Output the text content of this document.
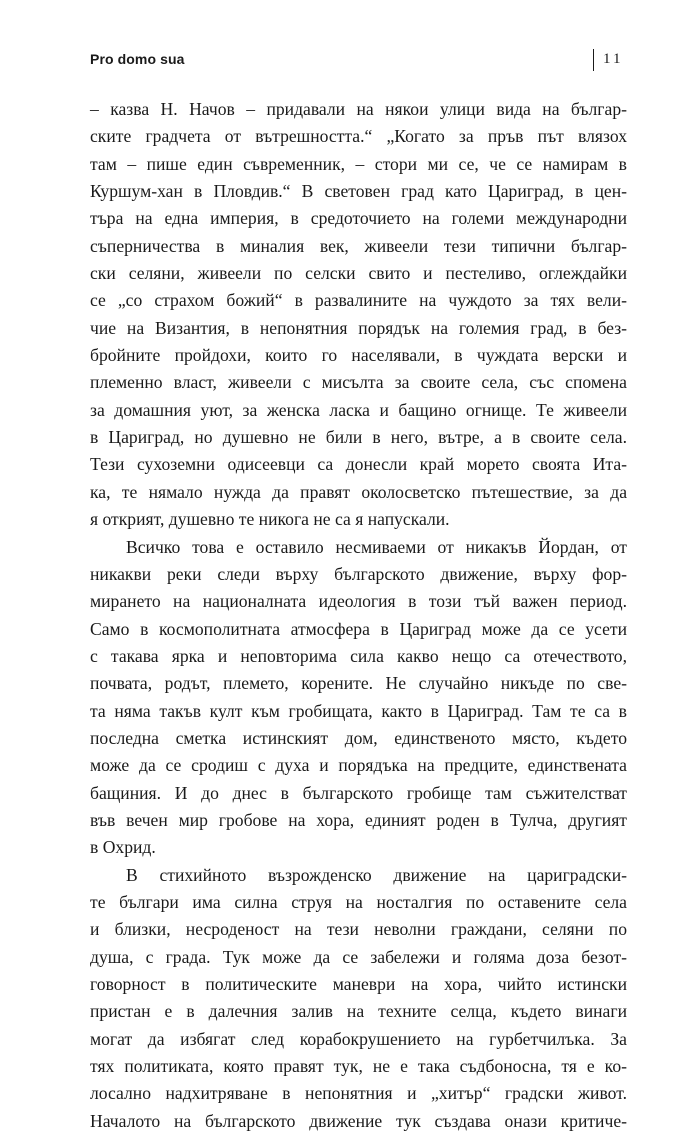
Pro domo sua	11
– казва Н. Начов – придавали на някои улици вида на българ-
ските градчета от вътрешността.“ „Когато за пръв път влязох
там – пише един съвременник, – стори ми се, че се намирам в
Куршум-хан в Пловдив.“ В световен град като Цариград, в цен-
търа на една империя, в средоточието на големи международни
съперничества в миналия век, живеели тези типични българ-
ски селяни, живеели по селски свито и пестеливо, оглеждайки
се „со страхом божий“ в развалините на чуждото за тях вели-
чие на Византия, в непонятния порядък на големия град, в без-
бройните пройдохи, които го населявали, в чуждата верски и
племенно власт, живеели с мисълта за своите села, със спомена
за домашния уют, за женска ласка и бащино огнище. Те живеели
в Цариград, но душевно не били в него, вътре, а в своите села.
Тези сухоземни одисеевци са донесли край морето своята Ита-
ка, те нямало нужда да правят околосветско пътешествие, за да
я открият, душевно те никога не са я напускали.
Всичко това е оставило несмиваеми от никакъв Йордан, от
никакви реки следи върху българското движение, върху фор-
мирането на националната идеология в този тъй важен период.
Само в космополитната атмосфера в Цариград може да се усети
с такава ярка и неповторима сила какво нещо са отечеството,
почвата, родът, племето, корените. Не случайно никъде по све-
та няма такъв култ към гробищата, както в Цариград. Там те са в
последна сметка истинският дом, единственото място, където
може да се сродиш с духа и порядъка на предците, единствената
бащиния. И до днес в българското гробище там съжителстват
във вечен мир гробове на хора, единият роден в Тулча, другият
в Охрид.
В стихийното възрожденско движение на цариградски-
те българи има силна струя на носталгия по оставените села
и близки, несроденост на тези неволни граждани, селяни по
душа, с града. Тук може да се забележи и голяма доза безот-
говорност в политическите маневри на хора, чийто истински
пристан е в далечния залив на техните селца, където винаги
могат да избягат след корабокрушението на гурбетчилъка. За
тях политиката, която правят тук, не е така съдбоносна, тя е ко-
лосално надхитряване в непонятния и „хитър“ градски живот.
Началото на българското движение тук създава онази критиче-
